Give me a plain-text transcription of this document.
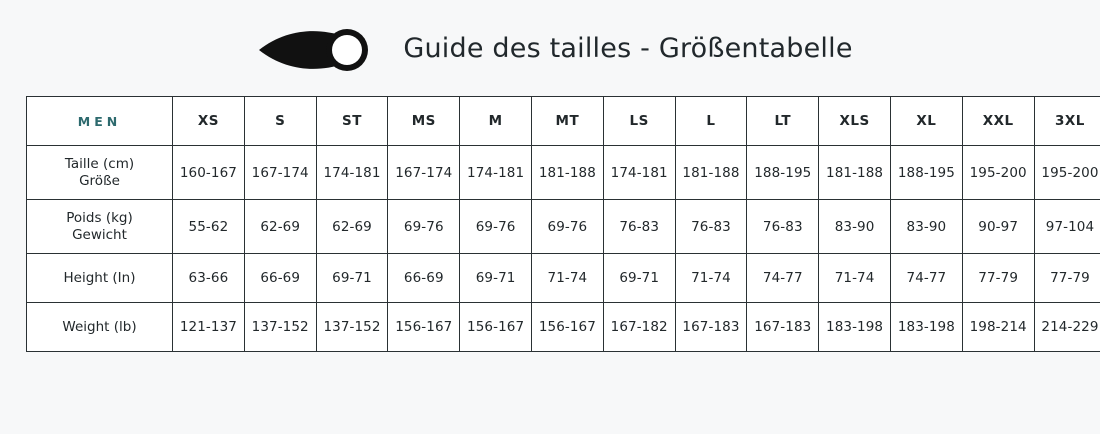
Guide des tailles - Größentabelle
MEN	XS	S	ST	MS	M	MT	LS	L	LT	XLS	XL	XXL	3XL

Taille (cm)
Größe	160-167	167-174	174-181	167-174	174-181	181-188	174-181	181-188	188-195	181-188	188-195	195-200	195-200

Poids (kg)
Gewicht	55-62	62-69	62-69	69-76	69-76	69-76	76-83	76-83	76-83	83-90	83-90	90-97	97-104

Height (In)	63-66	66-69	69-71	66-69	69-71	71-74	69-71	71-74	74-77	71-74	74-77	77-79	77-79

Weight (lb)	121-137	137-152	137-152	156-167	156-167	156-167	167-182	167-183	167-183	183-198	183-198	198-214	214-229
